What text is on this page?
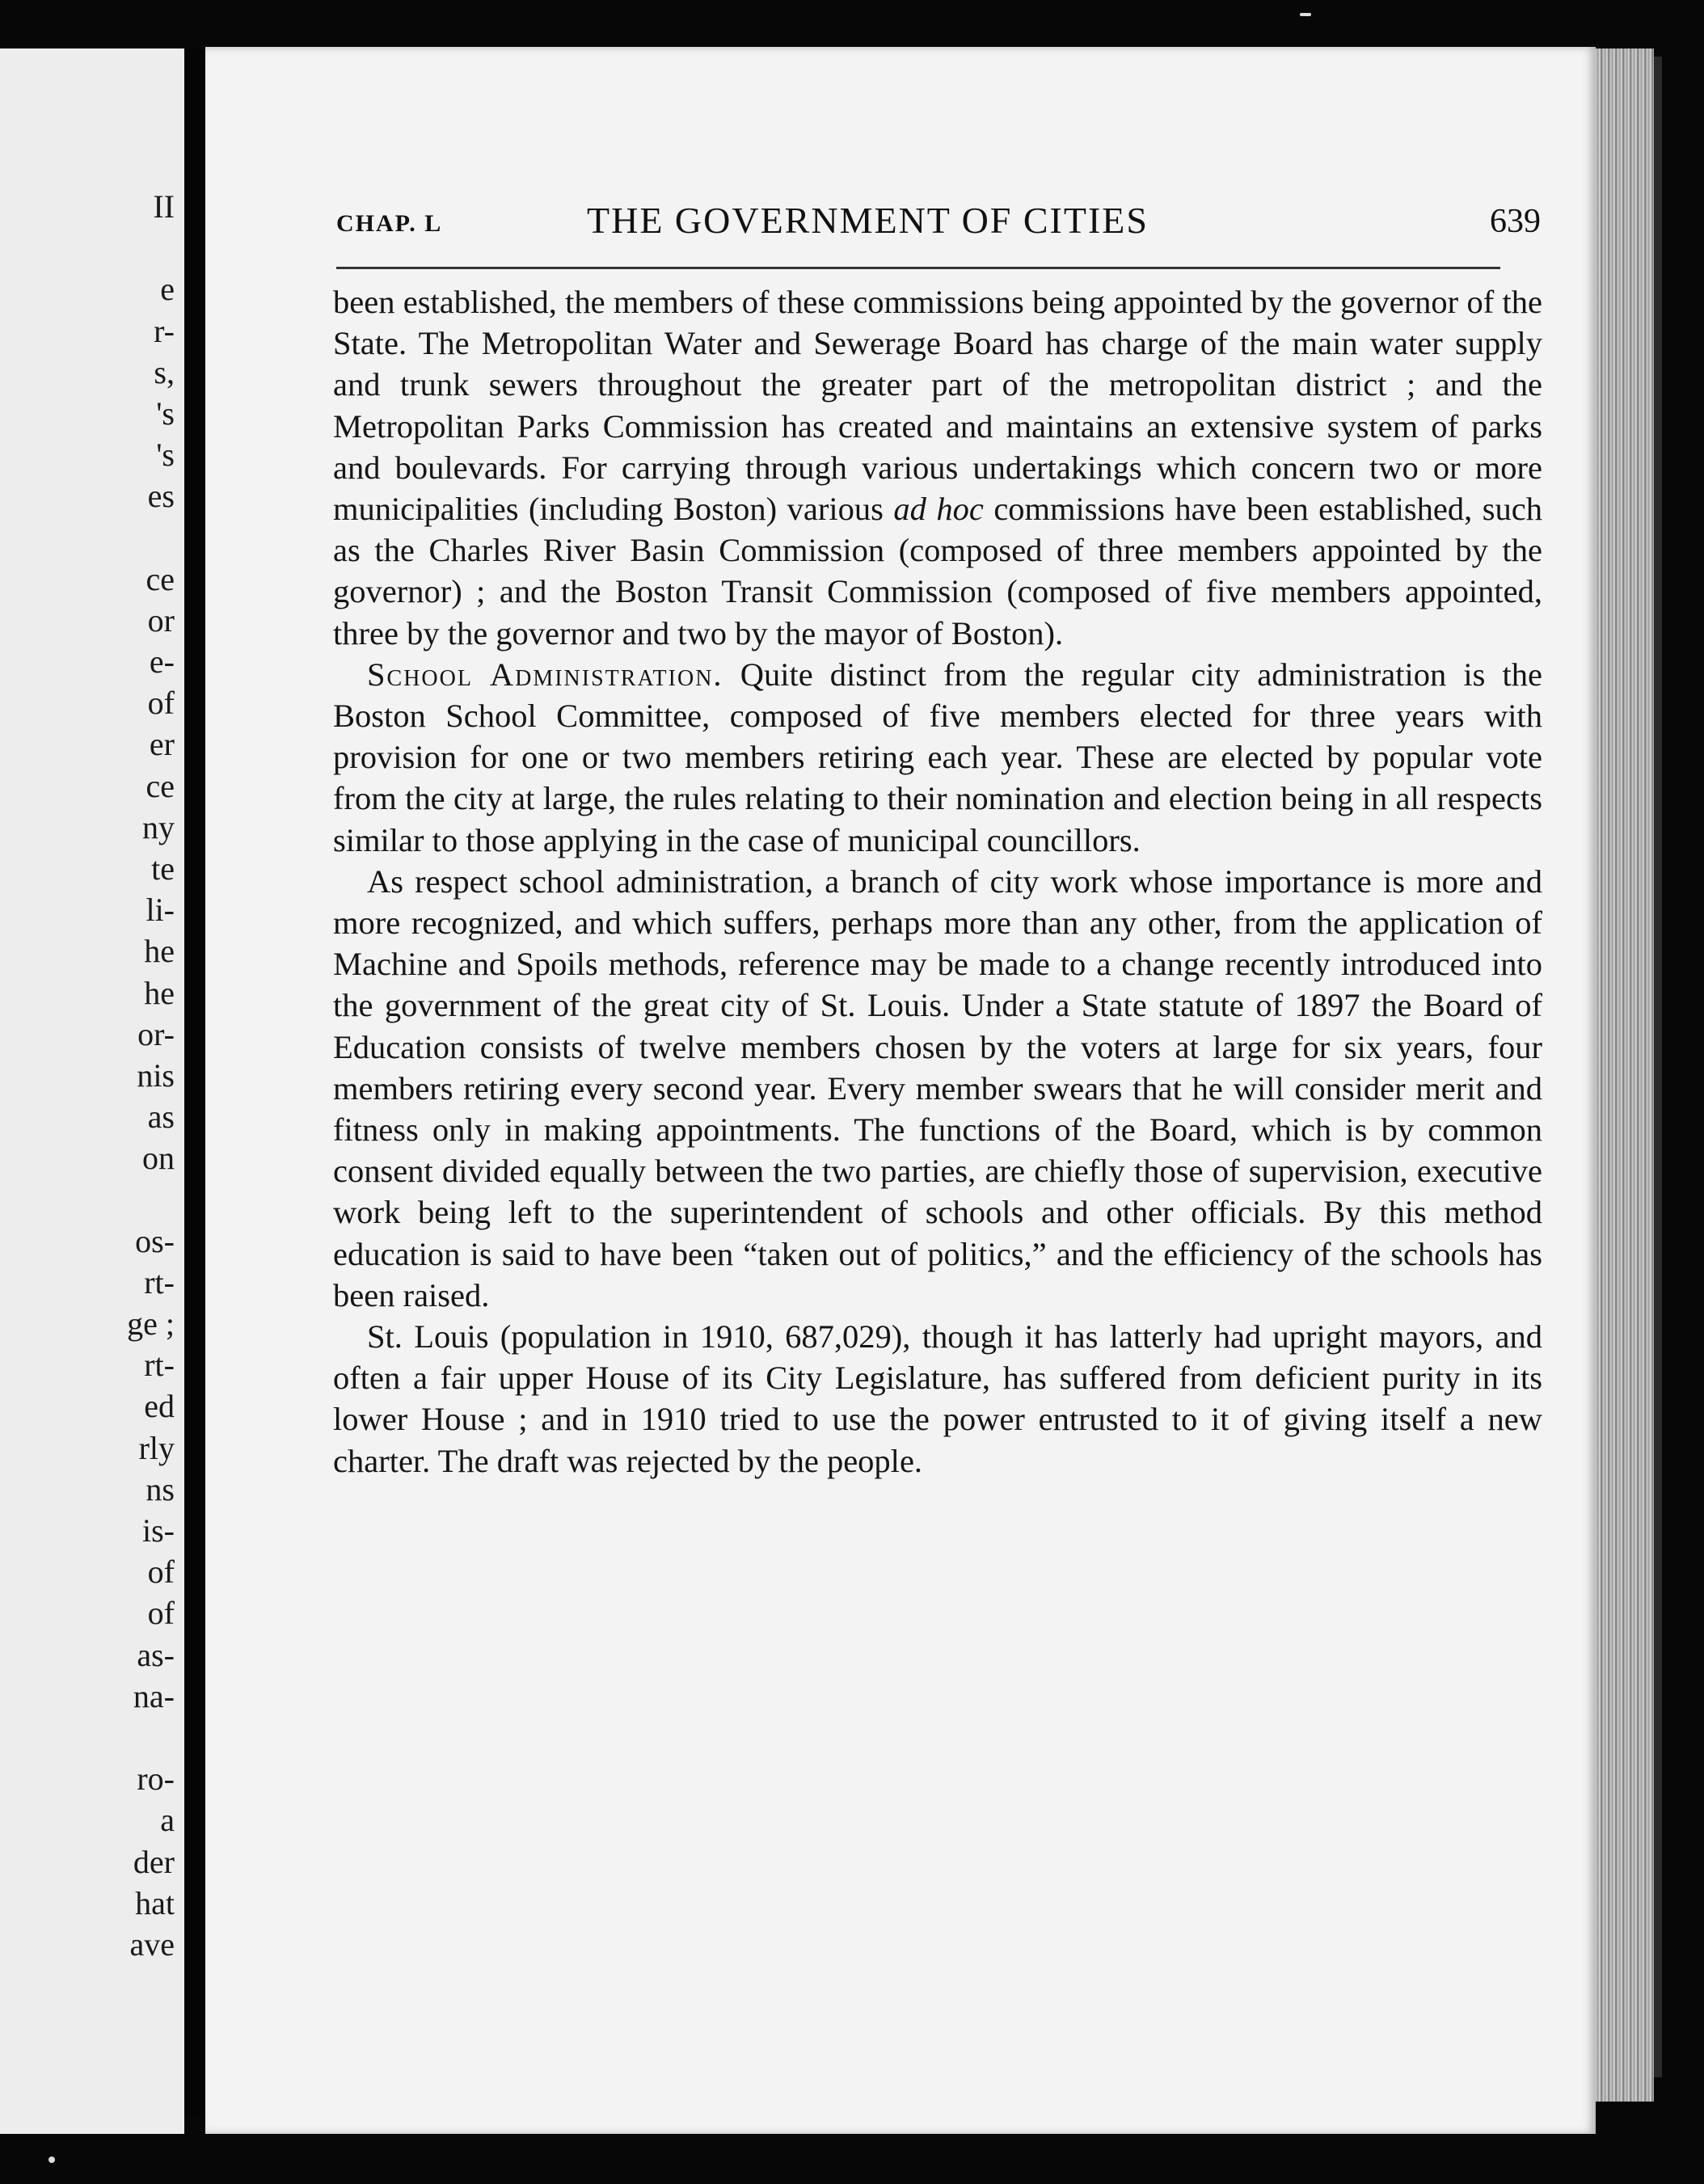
II
e
r-
s,
's
's
es
ce
or
e-
of
er
ce
ny
te
li-
he
he
or-
nis
as
on
os-
rt-
ge ;
rt-
ed
rly
ns
is-
of
of
as-
na-
ro-
a
der
hat
ave
CHAP. L	THE GOVERNMENT OF CITIES	639

been established, the members of these commissions being appointed by the governor of the State. The Metropolitan Water and Sewerage Board has charge of the main water supply and trunk sewers throughout the greater part of the metropolitan district ; and the Metropolitan Parks Commission has created and maintains an extensive system of parks and boulevards. For carrying through various undertakings which concern two or more municipalities (including Boston) various ad hoc commissions have been established, such as the Charles River Basin Commission (composed of three members appointed by the governor) ; and the Boston Transit Commission (composed of five members appointed, three by the governor and two by the mayor of Boston).

School Administration. Quite distinct from the regular city administration is the Boston School Committee, composed of five members elected for three years with provision for one or two members retiring each year. These are elected by popular vote from the city at large, the rules relating to their nomination and election being in all respects similar to those applying in the case of municipal councillors.

As respect school administration, a branch of city work whose importance is more and more recognized, and which suffers, perhaps more than any other, from the application of Machine and Spoils methods, reference may be made to a change recently introduced into the government of the great city of St. Louis. Under a State statute of 1897 the Board of Education consists of twelve members chosen by the voters at large for six years, four members retiring every second year. Every member swears that he will consider merit and fitness only in making appointments. The functions of the Board, which is by common consent divided equally between the two parties, are chiefly those of supervision, executive work being left to the superintendent of schools and other officials. By this method education is said to have been “taken out of politics,” and the efficiency of the schools has been raised.

St. Louis (population in 1910, 687,029), though it has latterly had upright mayors, and often a fair upper House of its City Legislature, has suffered from deficient purity in its lower House ; and in 1910 tried to use the power entrusted to it of giving itself a new charter. The draft was rejected by the people.
